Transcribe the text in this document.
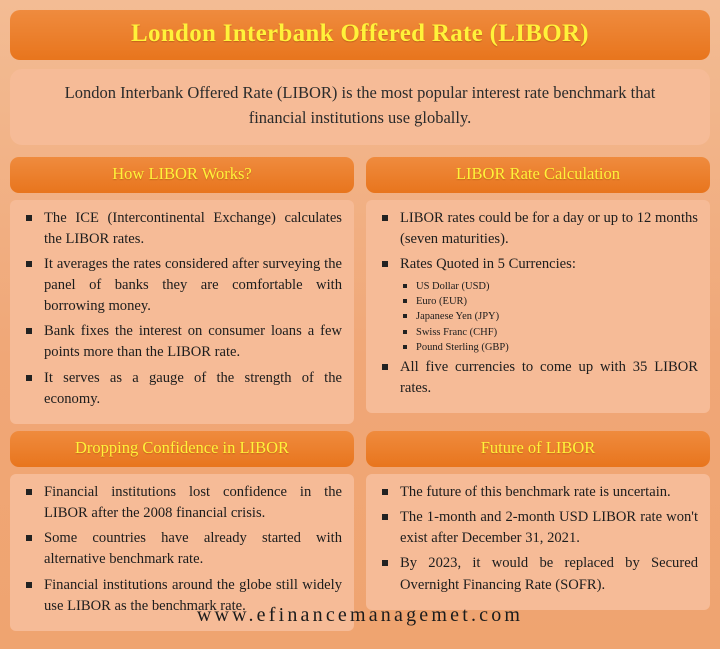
London Interbank Offered Rate (LIBOR)
London Interbank Offered Rate (LIBOR) is the most popular interest rate benchmark that financial institutions use globally.
How LIBOR Works?
The ICE (Intercontinental Exchange) calculates the LIBOR rates.
It averages the rates considered after surveying the panel of banks they are comfortable with borrowing money.
Bank fixes the interest on consumer loans a few points more than the LIBOR rate.
It serves as a gauge of the strength of the economy.
LIBOR Rate Calculation
LIBOR rates could be for a day or up to 12 months (seven maturities).
Rates Quoted in 5 Currencies:
US Dollar (USD)
Euro (EUR)
Japanese Yen (JPY)
Swiss Franc (CHF)
Pound Sterling (GBP)
All five currencies to come up with 35 LIBOR rates.
Dropping Confidence in LIBOR
Financial institutions lost confidence in the LIBOR after the 2008 financial crisis.
Some countries have already started with alternative benchmark rate.
Financial institutions around the globe still widely use LIBOR as the benchmark rate.
Future of LIBOR
The future of this benchmark rate is uncertain.
The 1-month and 2-month USD LIBOR rate won't exist after December 31, 2021.
By 2023, it would be replaced by Secured Overnight Financing Rate (SOFR).
www.efinancemanagemet.com
